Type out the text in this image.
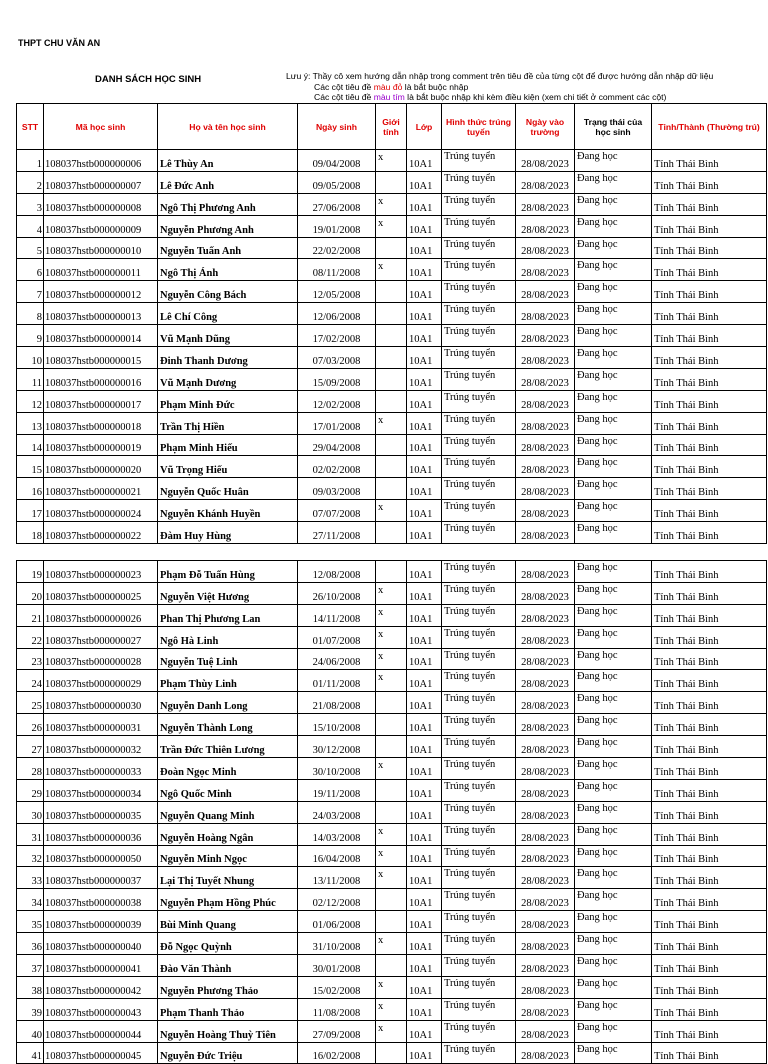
THPT CHU VĂN AN
DANH SÁCH HỌC SINH	Lưu ý: Thầy cô xem hướng dẫn nhập trong comment trên tiêu đề của từng cột để được hướng dẫn nhập dữ liệu
Các cột tiêu đề màu đỏ là bắt buộc nhập
Các cột tiêu đề màu tím là bắt buộc nhập khi kèm điều kiện (xem chi tiết ở comment các cột)
STT	Mã học sinh	Họ và tên học sinh	Ngày sinh	Giới tính	Lớp	Hình thức trúng tuyển	Ngày vào trường	Trạng thái của học sinh	Tỉnh/Thành (Thường trú)
1	108037hstb000000006	Lê Thùy An	09/04/2008	x	10A1	Trúng tuyển	28/08/2023	Đang học	Tỉnh Thái Bình
2	108037hstb000000007	Lê Đức Anh	09/05/2008		10A1	Trúng tuyển	28/08/2023	Đang học	Tỉnh Thái Bình
3	108037hstb000000008	Ngô Thị Phương Anh	27/06/2008	x	10A1	Trúng tuyển	28/08/2023	Đang học	Tỉnh Thái Bình
4	108037hstb000000009	Nguyễn Phương Anh	19/01/2008	x	10A1	Trúng tuyển	28/08/2023	Đang học	Tỉnh Thái Bình
5	108037hstb000000010	Nguyễn Tuấn Anh	22/02/2008		10A1	Trúng tuyển	28/08/2023	Đang học	Tỉnh Thái Bình
6	108037hstb000000011	Ngô Thị Ánh	08/11/2008	x	10A1	Trúng tuyển	28/08/2023	Đang học	Tỉnh Thái Bình
7	108037hstb000000012	Nguyễn Công Bách	12/05/2008		10A1	Trúng tuyển	28/08/2023	Đang học	Tỉnh Thái Bình
8	108037hstb000000013	Lê Chí Công	12/06/2008		10A1	Trúng tuyển	28/08/2023	Đang học	Tỉnh Thái Bình
9	108037hstb000000014	Vũ Mạnh Dũng	17/02/2008		10A1	Trúng tuyển	28/08/2023	Đang học	Tỉnh Thái Bình
10	108037hstb000000015	Đinh Thanh Dương	07/03/2008		10A1	Trúng tuyển	28/08/2023	Đang học	Tỉnh Thái Bình
11	108037hstb000000016	Vũ Mạnh Dương	15/09/2008		10A1	Trúng tuyển	28/08/2023	Đang học	Tỉnh Thái Bình
12	108037hstb000000017	Phạm Minh Đức	12/02/2008		10A1	Trúng tuyển	28/08/2023	Đang học	Tỉnh Thái Bình
13	108037hstb000000018	Trần Thị Hiền	17/01/2008	x	10A1	Trúng tuyển	28/08/2023	Đang học	Tỉnh Thái Bình
14	108037hstb000000019	Phạm Minh Hiếu	29/04/2008		10A1	Trúng tuyển	28/08/2023	Đang học	Tỉnh Thái Bình
15	108037hstb000000020	Vũ Trọng Hiếu	02/02/2008		10A1	Trúng tuyển	28/08/2023	Đang học	Tỉnh Thái Bình
16	108037hstb000000021	Nguyễn Quốc Huân	09/03/2008		10A1	Trúng tuyển	28/08/2023	Đang học	Tỉnh Thái Bình
17	108037hstb000000024	Nguyễn Khánh Huyền	07/07/2008	x	10A1	Trúng tuyển	28/08/2023	Đang học	Tỉnh Thái Bình
18	108037hstb000000022	Đàm Huy Hùng	27/11/2008		10A1	Trúng tuyển	28/08/2023	Đang học	Tỉnh Thái Bình
19	108037hstb000000023	Phạm Đỗ Tuấn Hùng	12/08/2008		10A1	Trúng tuyển	28/08/2023	Đang học	Tỉnh Thái Bình
20	108037hstb000000025	Nguyễn Việt Hương	26/10/2008	x	10A1	Trúng tuyển	28/08/2023	Đang học	Tỉnh Thái Bình
21	108037hstb000000026	Phan Thị Phương Lan	14/11/2008	x	10A1	Trúng tuyển	28/08/2023	Đang học	Tỉnh Thái Bình
22	108037hstb000000027	Ngô Hà Linh	01/07/2008	x	10A1	Trúng tuyển	28/08/2023	Đang học	Tỉnh Thái Bình
23	108037hstb000000028	Nguyễn Tuệ Linh	24/06/2008	x	10A1	Trúng tuyển	28/08/2023	Đang học	Tỉnh Thái Bình
24	108037hstb000000029	Phạm Thùy Linh	01/11/2008	x	10A1	Trúng tuyển	28/08/2023	Đang học	Tỉnh Thái Bình
25	108037hstb000000030	Nguyễn Danh Long	21/08/2008		10A1	Trúng tuyển	28/08/2023	Đang học	Tỉnh Thái Bình
26	108037hstb000000031	Nguyễn Thành Long	15/10/2008		10A1	Trúng tuyển	28/08/2023	Đang học	Tỉnh Thái Bình
27	108037hstb000000032	Trần Đức Thiên Lương	30/12/2008		10A1	Trúng tuyển	28/08/2023	Đang học	Tỉnh Thái Bình
28	108037hstb000000033	Đoàn Ngọc Minh	30/10/2008	x	10A1	Trúng tuyển	28/08/2023	Đang học	Tỉnh Thái Bình
29	108037hstb000000034	Ngô Quốc Minh	19/11/2008		10A1	Trúng tuyển	28/08/2023	Đang học	Tỉnh Thái Bình
30	108037hstb000000035	Nguyễn Quang Minh	24/03/2008		10A1	Trúng tuyển	28/08/2023	Đang học	Tỉnh Thái Bình
31	108037hstb000000036	Nguyễn Hoàng Ngân	14/03/2008	x	10A1	Trúng tuyển	28/08/2023	Đang học	Tỉnh Thái Bình
32	108037hstb000000050	Nguyễn Minh Ngọc	16/04/2008	x	10A1	Trúng tuyển	28/08/2023	Đang học	Tỉnh Thái Bình
33	108037hstb000000037	Lại Thị Tuyết Nhung	13/11/2008	x	10A1	Trúng tuyển	28/08/2023	Đang học	Tỉnh Thái Bình
34	108037hstb000000038	Nguyễn Phạm Hồng Phúc	02/12/2008		10A1	Trúng tuyển	28/08/2023	Đang học	Tỉnh Thái Bình
35	108037hstb000000039	Bùi Minh Quang	01/06/2008		10A1	Trúng tuyển	28/08/2023	Đang học	Tỉnh Thái Bình
36	108037hstb000000040	Đỗ Ngọc Quỳnh	31/10/2008	x	10A1	Trúng tuyển	28/08/2023	Đang học	Tỉnh Thái Bình
37	108037hstb000000041	Đào Văn Thành	30/01/2008		10A1	Trúng tuyển	28/08/2023	Đang học	Tỉnh Thái Bình
38	108037hstb000000042	Nguyễn Phương Thảo	15/02/2008	x	10A1	Trúng tuyển	28/08/2023	Đang học	Tỉnh Thái Bình
39	108037hstb000000043	Phạm Thanh Thảo	11/08/2008	x	10A1	Trúng tuyển	28/08/2023	Đang học	Tỉnh Thái Bình
40	108037hstb000000044	Nguyễn Hoàng Thuỳ Tiên	27/09/2008	x	10A1	Trúng tuyển	28/08/2023	Đang học	Tỉnh Thái Bình
41	108037hstb000000045	Nguyễn Đức Triệu	16/02/2008		10A1	Trúng tuyển	28/08/2023	Đang học	Tỉnh Thái Bình
